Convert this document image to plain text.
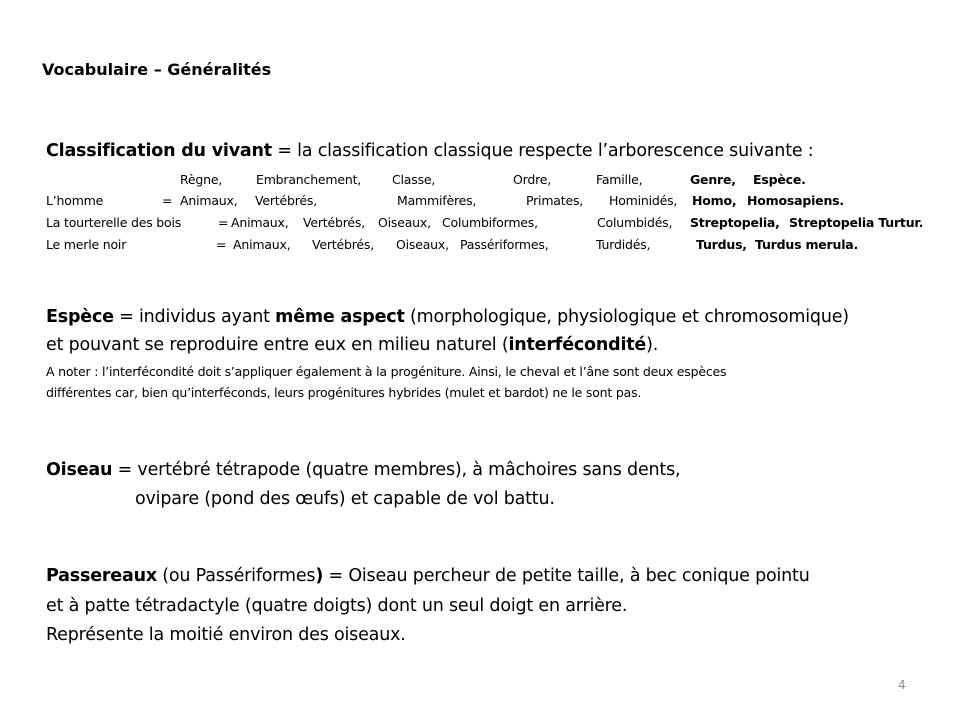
Vocabulaire – Généralités
Classification du vivant = la classification classique respecte l’arborescence suivante :
Règne,	Embranchement, Classe,	Ordre,	Famille,	Genre, Espèce.
L’homme	= Animaux, Vertébrés,	Mammifères,	Primates, Hominidés, Homo, Homosapiens.
La tourterelle des bois	= Animaux, Vertébrés, Oiseaux, Columbiformes,	Columbidés, Streptopelia, Streptopelia Turtur.
Le merle noir	= Animaux, Vertébrés, Oiseaux, Passériformes,	Turdidés,	Turdus, Turdus merula.
Espèce = individus ayant même aspect (morphologique, physiologique et chromosomique)
et pouvant se reproduire entre eux en milieu naturel (interfécondité).
A noter : l’interfécondité doit s’appliquer également à la progéniture. Ainsi, le cheval et l’âne sont deux espèces
différentes car, bien qu’interféconds, leurs progénitures hybrides (mulet et bardot) ne le sont pas.
Oiseau = vertébré tétrapode (quatre membres), à mâchoires sans dents,
ovipare (pond des œufs) et capable de vol battu.
Passereaux (ou Passériformes) = Oiseau percheur de petite taille, à bec conique pointu
et à patte tétradactyle (quatre doigts) dont un seul doigt en arrière.
Représente la moitié environ des oiseaux.
4
